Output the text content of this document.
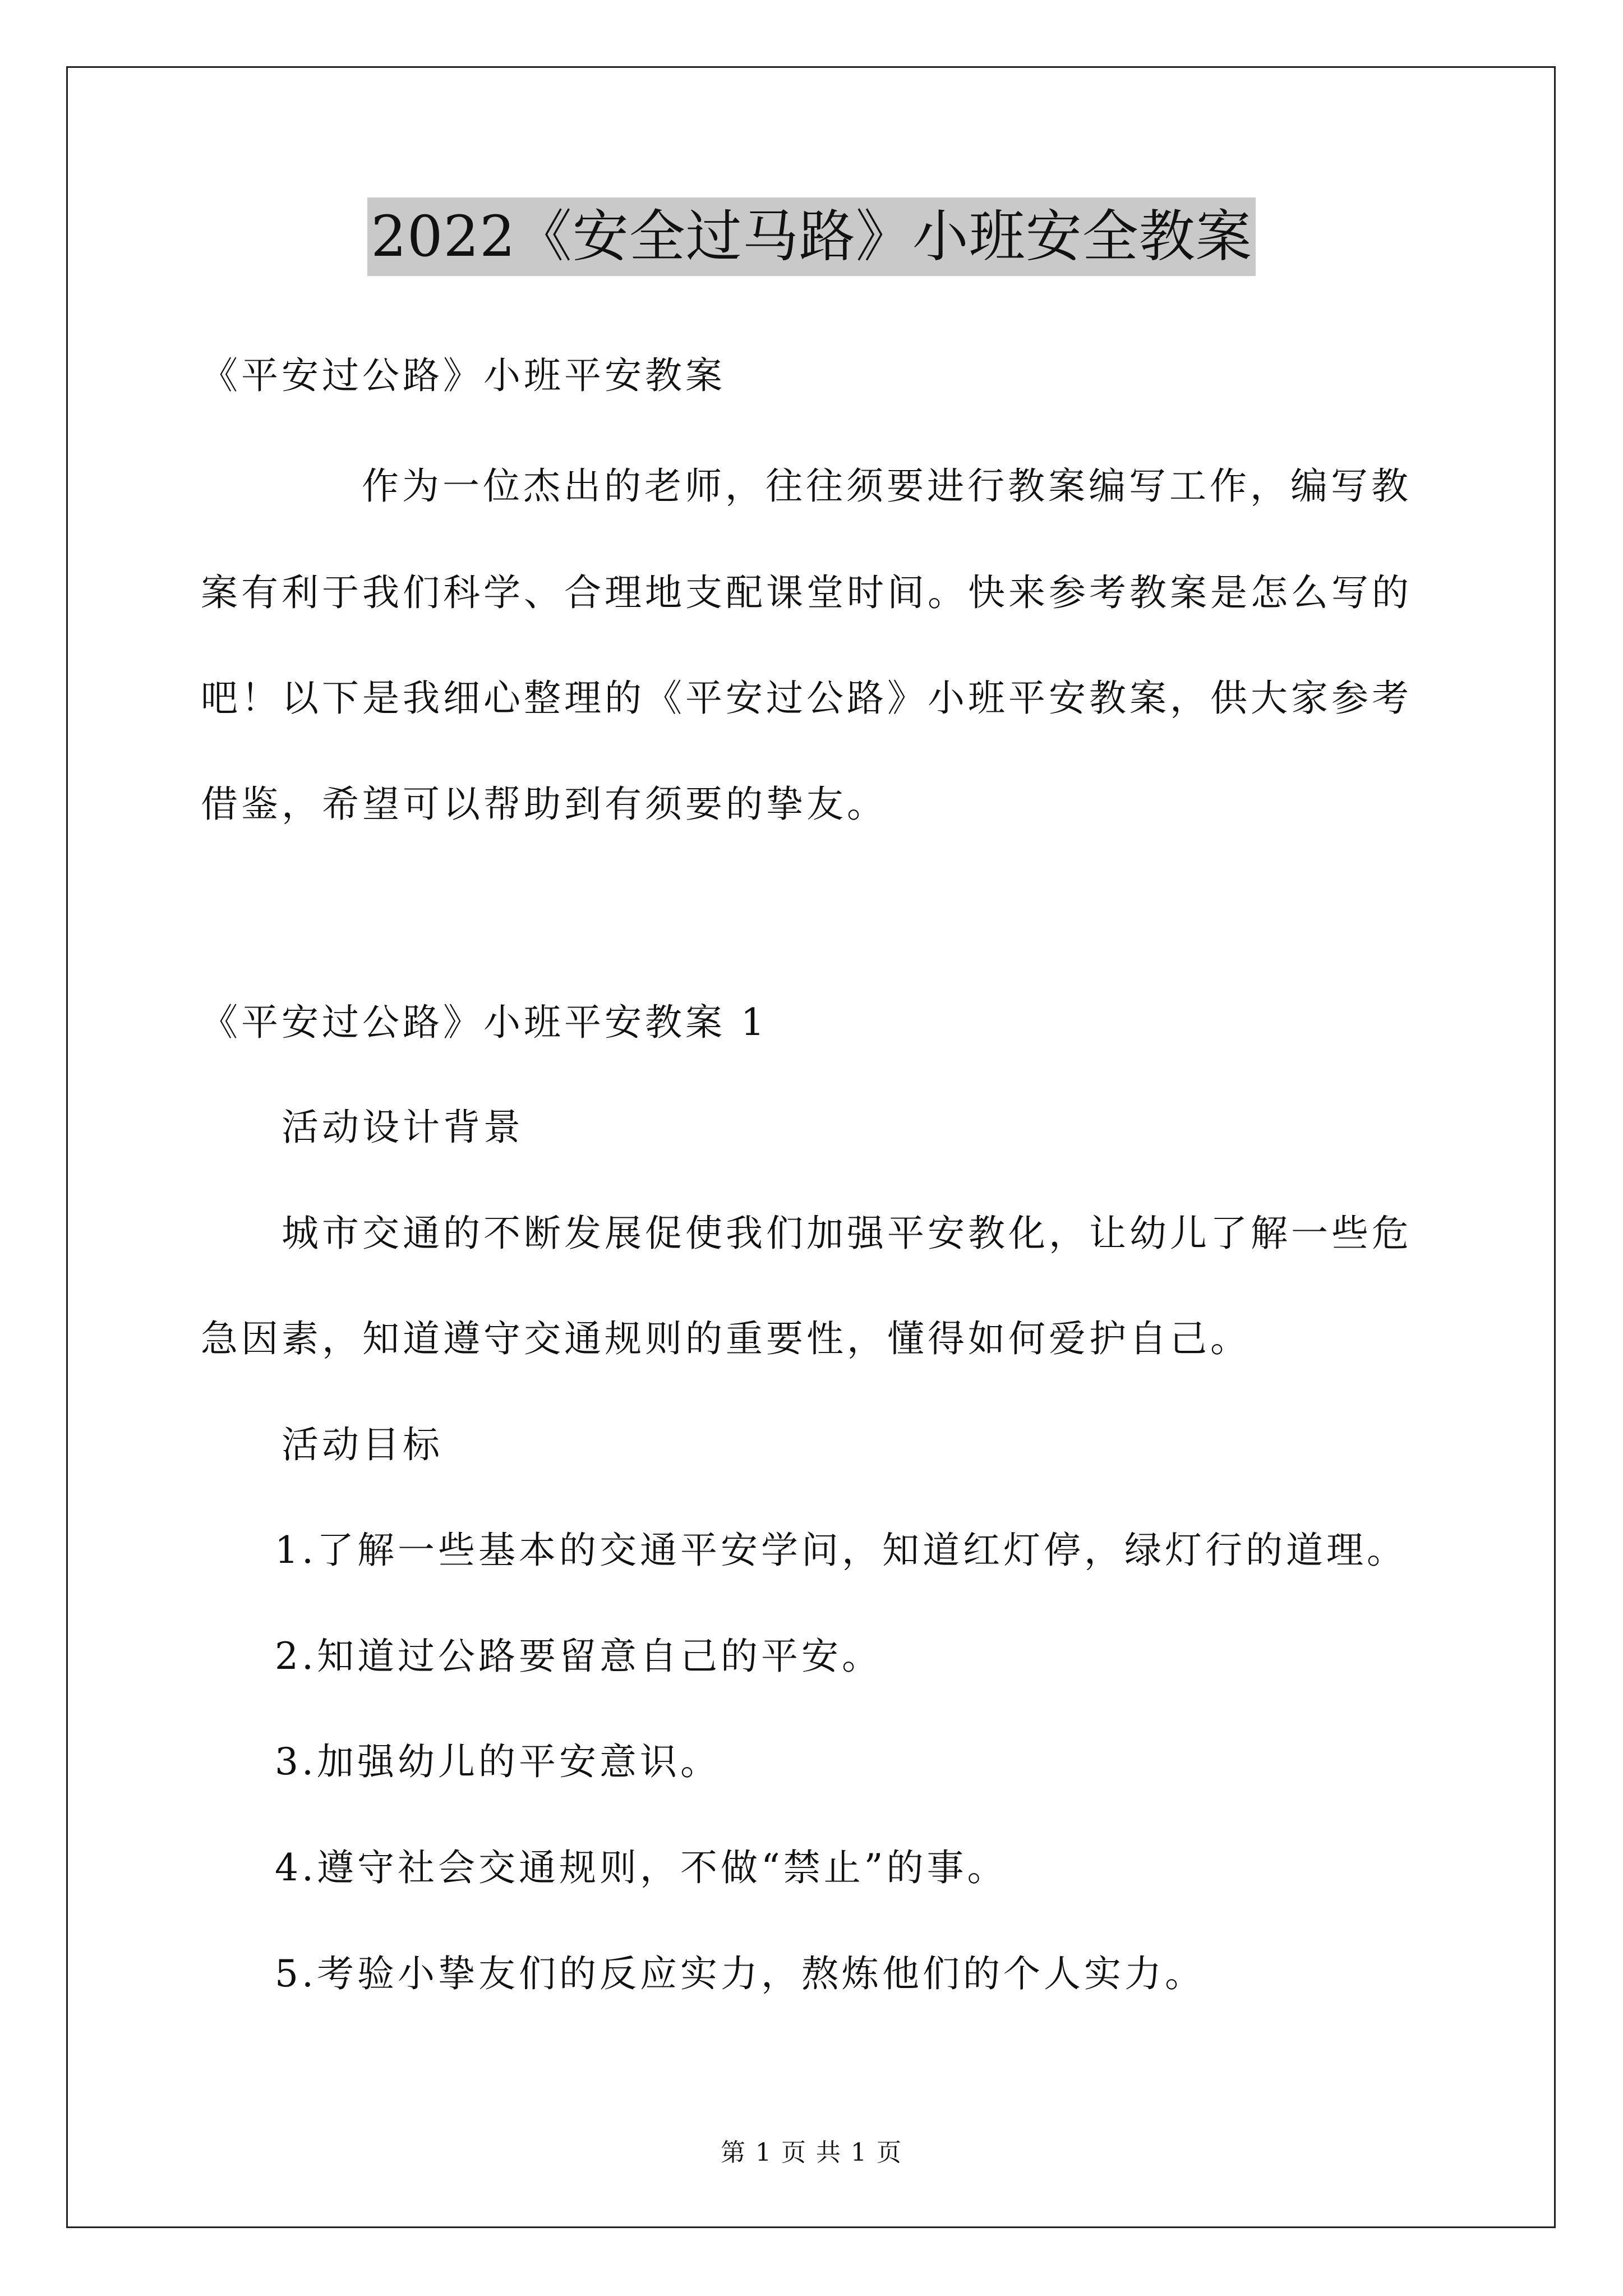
2022《安全过马路》小班安全教案
《平安过公路》小班平安教案
作为一位杰出的老师，往往须要进行教案编写工作，编写教
案有利于我们科学、合理地支配课堂时间。快来参考教案是怎么写的
吧！以下是我细心整理的《平安过公路》小班平安教案，供大家参考
借鉴，希望可以帮助到有须要的挚友。
《平安过公路》小班平安教案 1
活动设计背景
城市交通的不断发展促使我们加强平安教化，让幼儿了解一些危
急因素，知道遵守交通规则的重要性，懂得如何爱护自己。
活动目标
1.了解一些基本的交通平安学问，知道红灯停，绿灯行的道理。
2.知道过公路要留意自己的平安。
3.加强幼儿的平安意识。
4.遵守社会交通规则，不做“禁止”的事。
5.考验小挚友们的反应实力，熬炼他们的个人实力。
第 1 页 共 1 页
